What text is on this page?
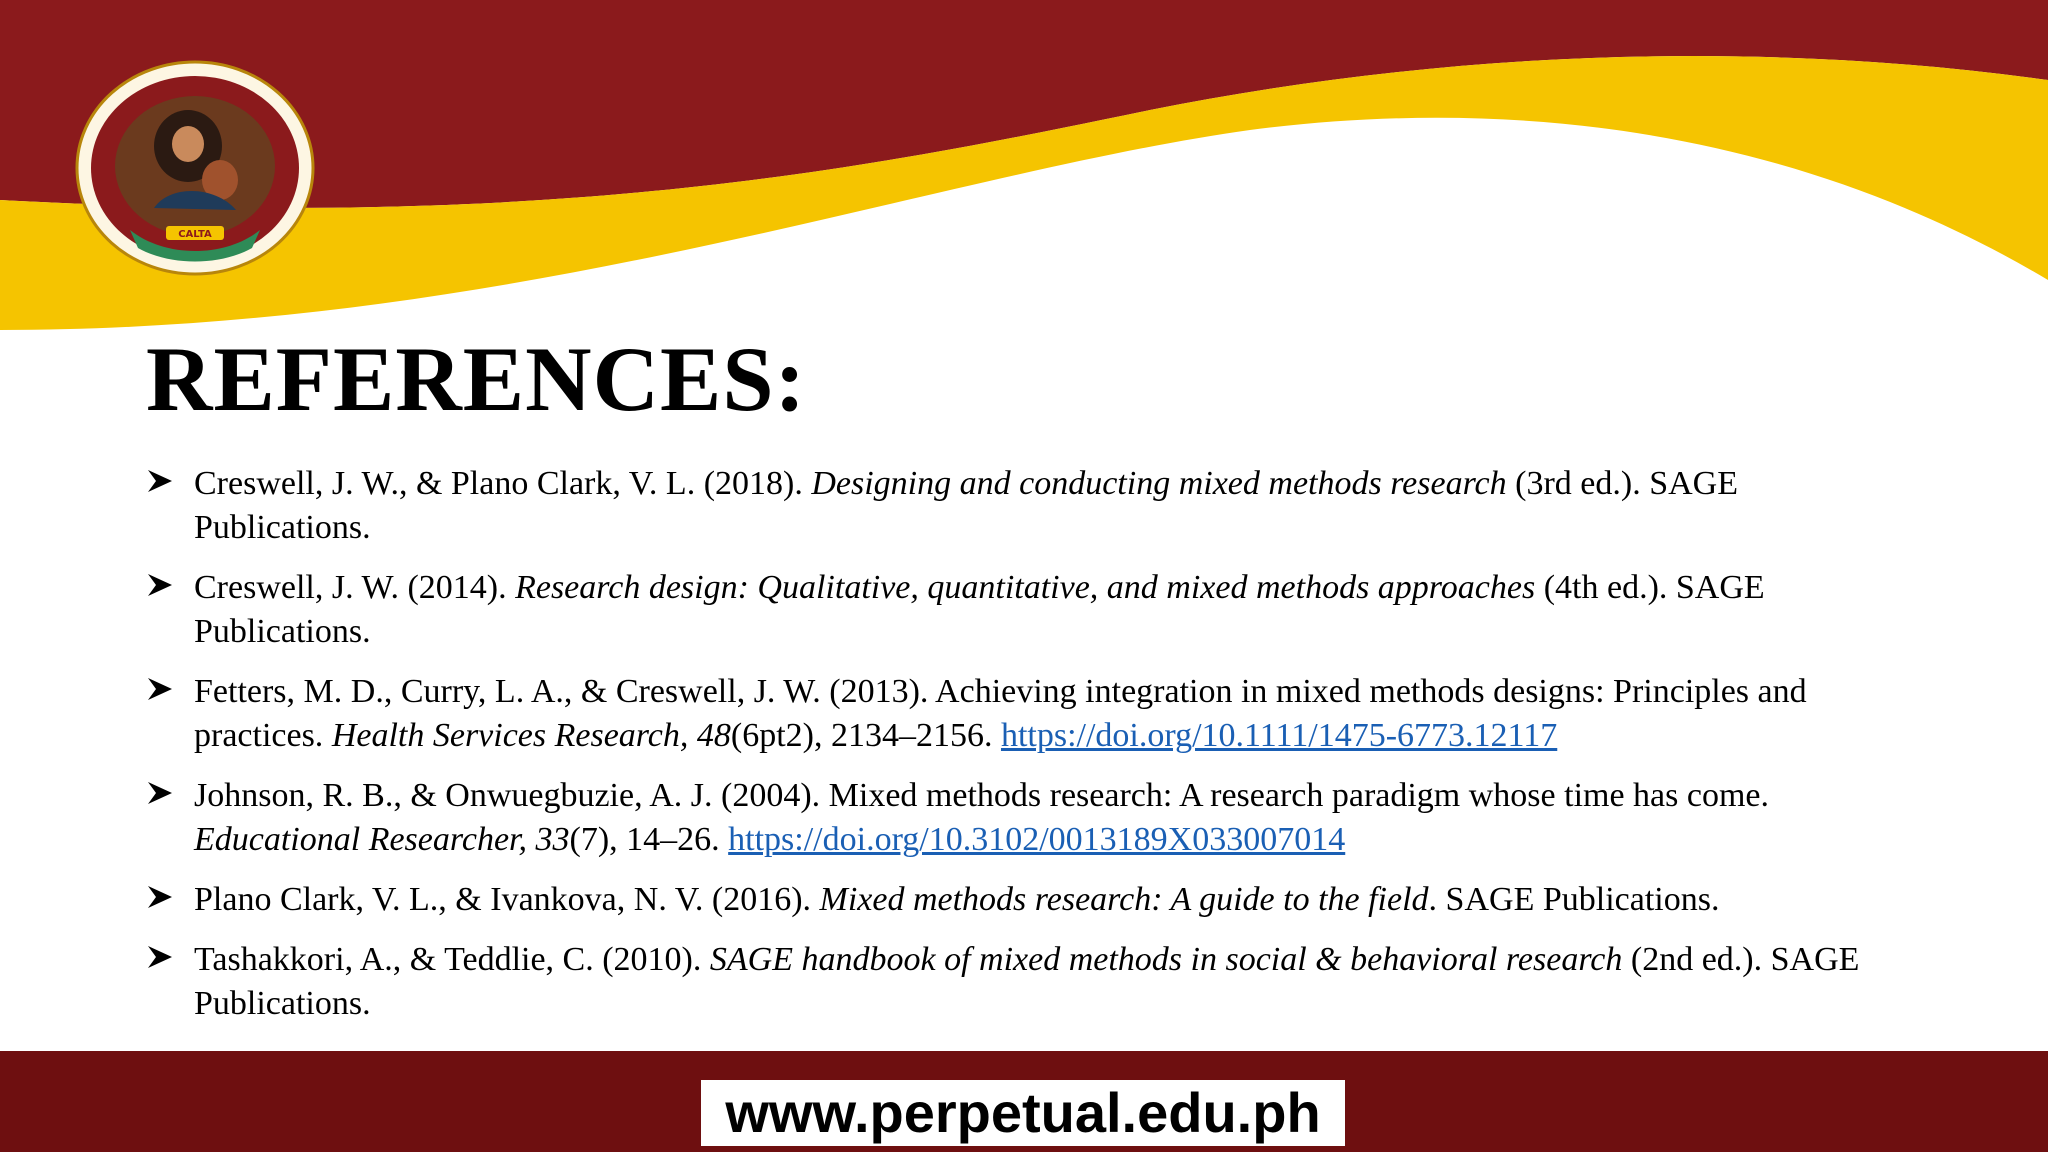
CALTA
REFERENCES:
Creswell, J. W., & Plano Clark, V. L. (2018). Designing and conducting mixed methods research (3rd ed.). SAGE Publications.
Creswell, J. W. (2014). Research design: Qualitative, quantitative, and mixed methods approaches (4th ed.). SAGE Publications.
Fetters, M. D., Curry, L. A., & Creswell, J. W. (2013). Achieving integration in mixed methods designs: Principles and practices. Health Services Research, 48(6pt2), 2134–2156. https://doi.org/10.1111/1475-6773.12117
Johnson, R. B., & Onwuegbuzie, A. J. (2004). Mixed methods research: A research paradigm whose time has come. Educational Researcher, 33(7), 14–26. https://doi.org/10.3102/0013189X033007014
Plano Clark, V. L., & Ivankova, N. V. (2016). Mixed methods research: A guide to the field. SAGE Publications.
Tashakkori, A., & Teddlie, C. (2010). SAGE handbook of mixed methods in social & behavioral research (2nd ed.). SAGE Publications.
www.perpetual.edu.ph
